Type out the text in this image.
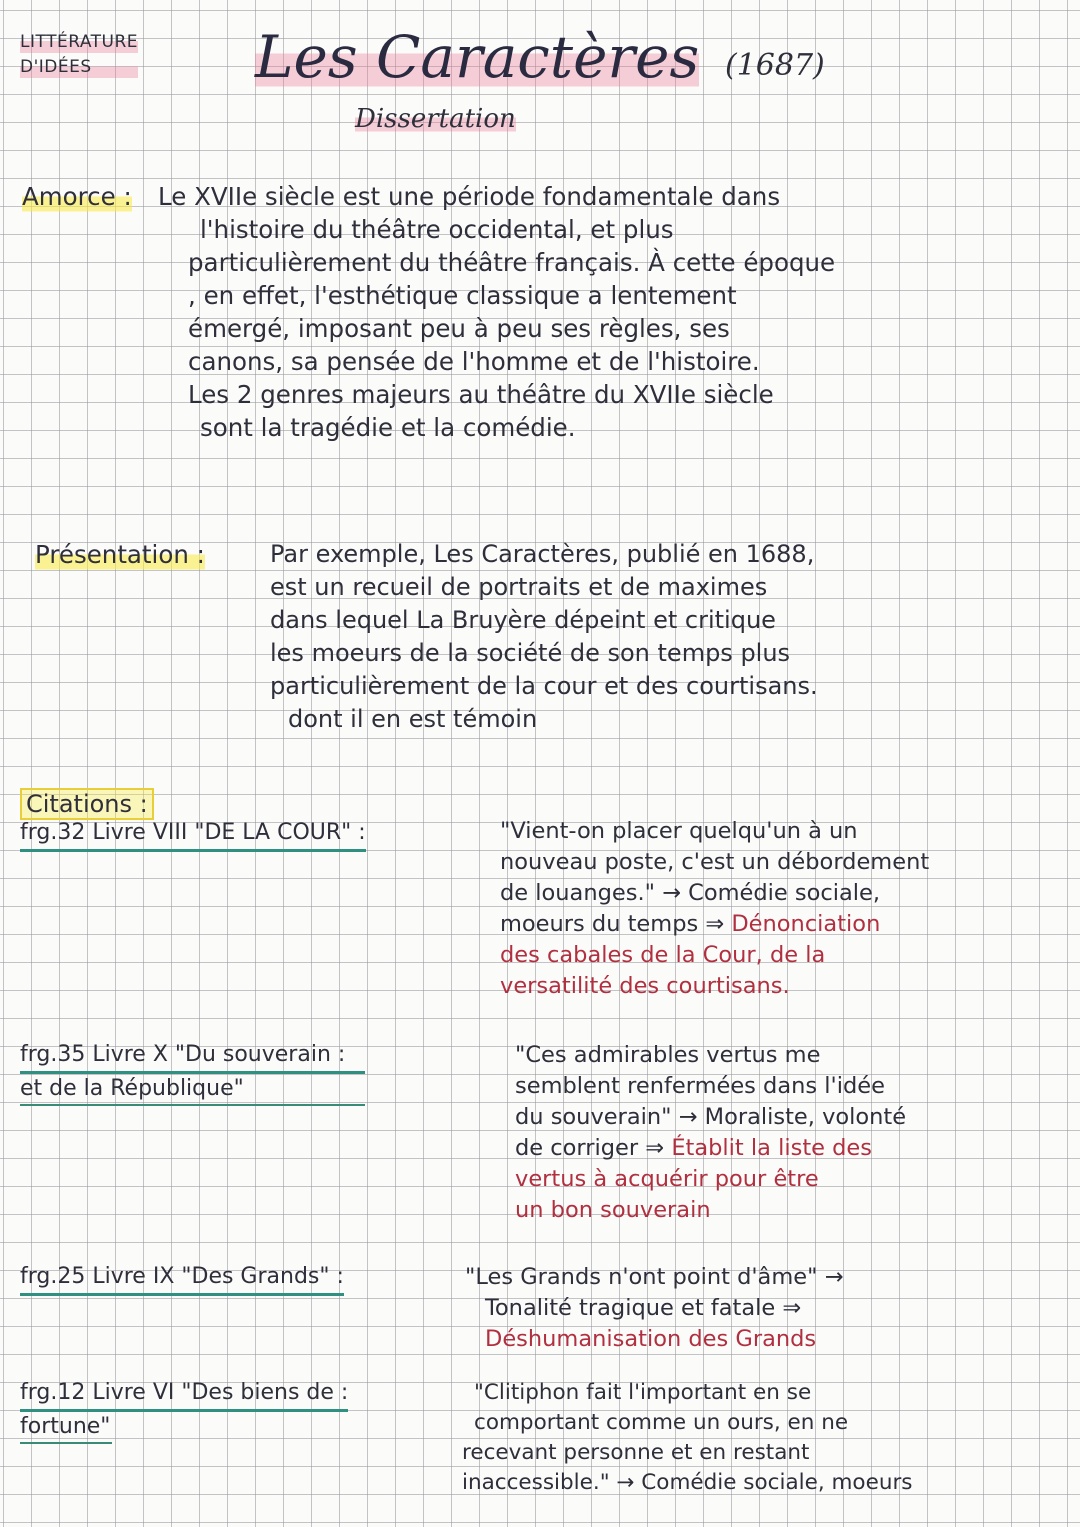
LITTÉRATURE
D'IDÉES	Les Caractères (1687)
Dissertation
Amorce : Le XVIIe siècle est une période fondamentale dans
l'histoire du théâtre occidental, et plus
particulièrement du théâtre français. À cette époque
, en effet, l'esthétique classique a lentement
émergé, imposant peu à peu ses règles, ses
canons, sa pensée de l'homme et de l'histoire.
Les 2 genres majeurs au théâtre du XVIIe siècle
sont la tragédie et la comédie.
Présentation :	Par exemple, Les Caractères, publié en 1688,
est un recueil de portraits et de maximes
dans lequel La Bruyère dépeint et critique
les moeurs de la société de son temps plus
particulièrement de la cour et des courtisans.
dont il en est témoin
Citations :
frg.32 Livre VIII "DE LA COUR" :	"Vient-on placer quelqu'un à un
nouveau poste, c'est un débordement
de louanges." → Comédie sociale,
moeurs du temps ⇒ Dénonciation
des cabales de la Cour, de la
versatilité des courtisans.
frg.35 Livre X "Du souverain :
et de la République"
"Ces admirables vertus me
semblent renfermées dans l'idée
du souverain" → Moraliste, volonté
de corriger ⇒ Établit la liste des
vertus à acquérir pour être
un bon souverain
frg.25 Livre IX "Des Grands" :	"Les Grands n'ont point d'âme" →
Tonalité tragique et fatale ⇒
Déshumanisation des Grands
frg.12 Livre VI "Des biens de :
fortune"
"Clitiphon fait l'important en se
comportant comme un ours, en ne
recevant personne et en restant
inaccessible." → Comédie sociale, moeurs
